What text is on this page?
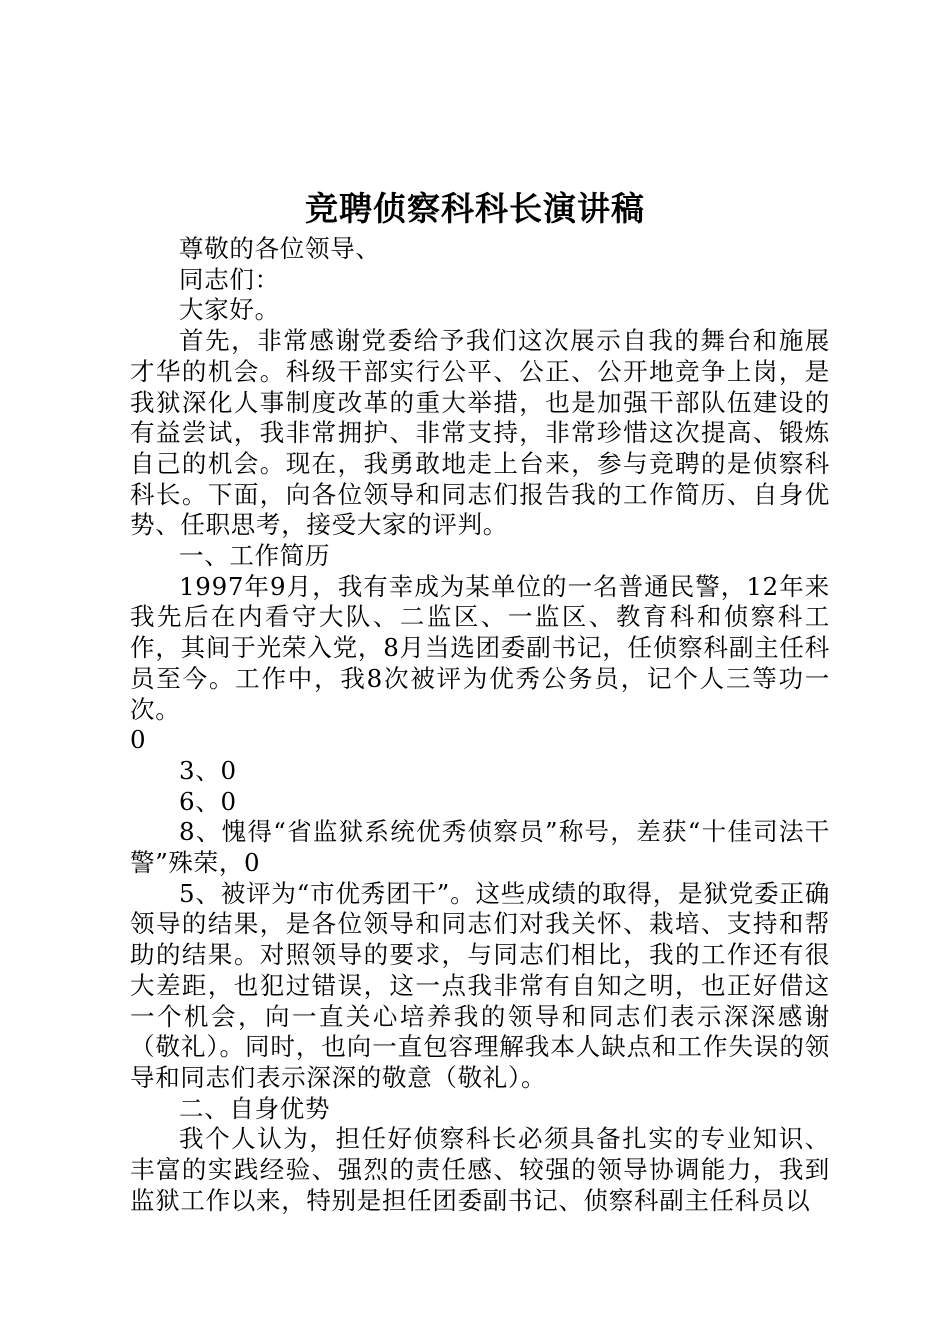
竞聘侦察科科长演讲稿

尊敬的各位领导、

同志们：

大家好。

首先，非常感谢党委给予我们这次展示自我的舞台和施展才华的机会。科级干部实行公平、公正、公开地竞争上岗，是我狱深化人事制度改革的重大举措，也是加强干部队伍建设的有益尝试，我非常拥护、非常支持，非常珍惜这次提高、锻炼自己的机会。现在，我勇敢地走上台来，参与竞聘的是侦察科科长。下面，向各位领导和同志们报告我的工作简历、自身优势、任职思考，接受大家的评判。

一、工作简历

1997年9月，我有幸成为某单位的一名普通民警，12年来我先后在内看守大队、二监区、一监区、教育科和侦察科工作，其间于光荣入党，8月当选团委副书记，任侦察科副主任科员至今。工作中，我8次被评为优秀公务员，记个人三等功一次。

0

3、0

6、0

8、愧得“省监狱系统优秀侦察员”称号，差获“十佳司法干警”殊荣，0

5、被评为“市优秀团干”。这些成绩的取得，是狱党委正确领导的结果，是各位领导和同志们对我关怀、栽培、支持和帮助的结果。对照领导的要求，与同志们相比，我的工作还有很大差距，也犯过错误，这一点我非常有自知之明，也正好借这一个机会，向一直关心培养我的领导和同志们表示深深感谢（敬礼）。同时，也向一直包容理解我本人缺点和工作失误的领导和同志们表示深深的敬意（敬礼）。

二、自身优势

我个人认为，担任好侦察科长必须具备扎实的专业知识、丰富的实践经验、强烈的责任感、较强的领导协调能力，我到监狱工作以来，特别是担任团委副书记、侦察科副主任科员以
